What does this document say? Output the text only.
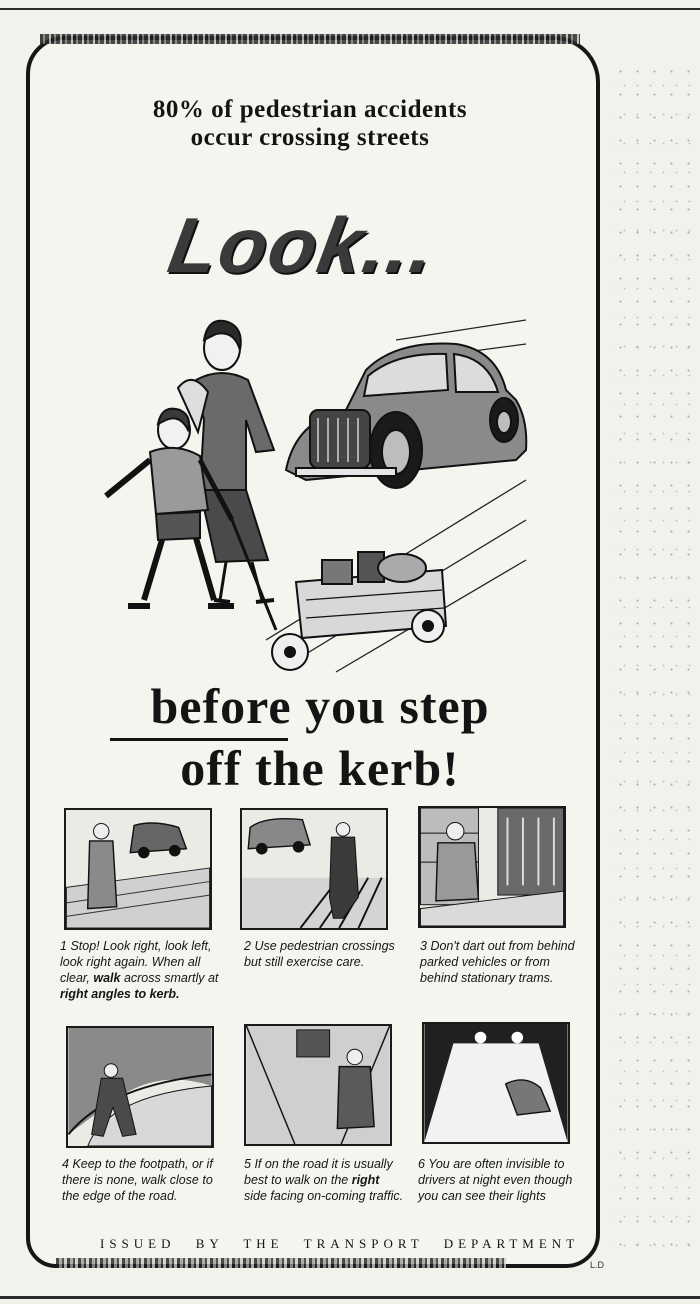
80% of pedestrian accidents
occur crossing streets

Look...

before you step

off the kerb!

1 Stop! Look right, look left, look right again. When all clear, walk across smartly at right angles to kerb.

2 Use pedestrian crossings but still exercise care.

3 Don't dart out from behind parked vehicles or from behind stationary trams.

4 Keep to the footpath, or if there is none, walk close to the edge of the road.

5 If on the road it is usually best to walk on the right side facing on-coming traffic.

6 You are often invisible to drivers at night even though you can see their lights

ISSUED BY THE TRANSPORT DEPARTMENT

L.D
